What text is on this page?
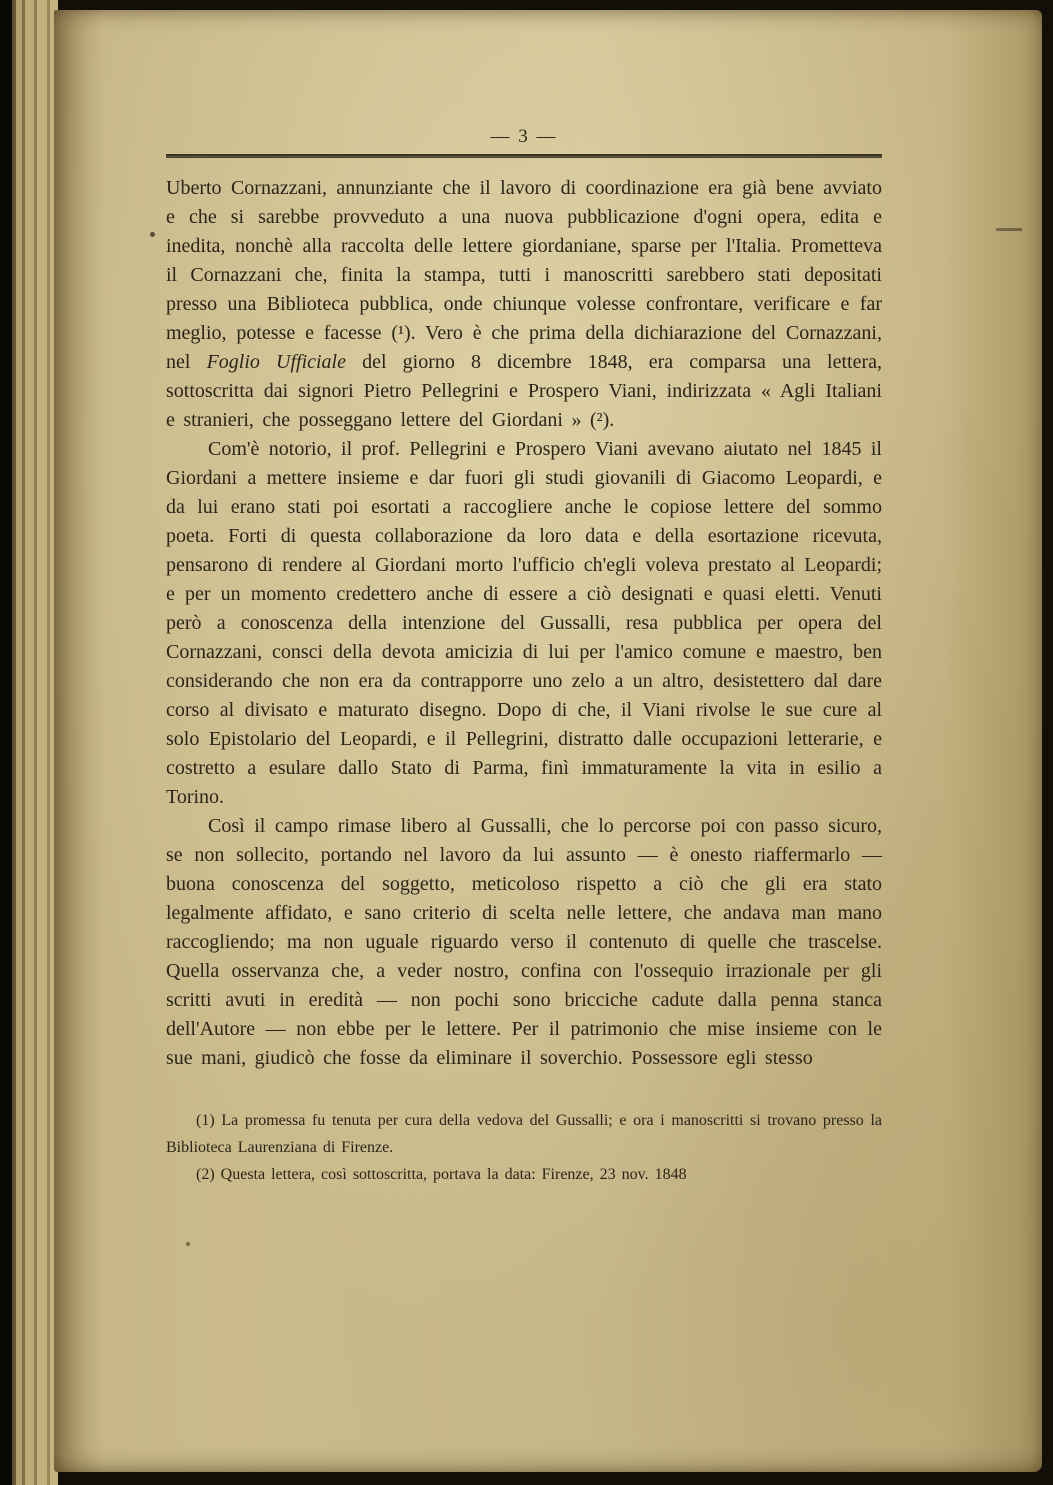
— 3 —

Uberto Cornazzani, annunziante che il lavoro di coordinazione era già bene avviato e che si sarebbe provveduto a una nuova pubblicazione d'ogni opera, edita e inedita, nonchè alla raccolta delle lettere giordaniane, sparse per l'Italia. Prometteva il Cornazzani che, finita la stampa, tutti i manoscritti sarebbero stati depositati presso una Biblioteca pubblica, onde chiunque volesse confrontare, verificare e far meglio, potesse e facesse (¹). Vero è che prima della dichiarazione del Cornazzani, nel Foglio Ufficiale del giorno 8 dicembre 1848, era comparsa una lettera, sottoscritta dai signori Pietro Pellegrini e Prospero Viani, indirizzata « Agli Italiani e stranieri, che posseggano lettere del Giordani » (²).

Com'è notorio, il prof. Pellegrini e Prospero Viani avevano aiutato nel 1845 il Giordani a mettere insieme e dar fuori gli studi giovanili di Giacomo Leopardi, e da lui erano stati poi esortati a raccogliere anche le copiose lettere del sommo poeta. Forti di questa collaborazione da loro data e della esortazione ricevuta, pensarono di rendere al Giordani morto l'ufficio ch'egli voleva prestato al Leopardi; e per un momento credettero anche di essere a ciò designati e quasi eletti. Venuti però a conoscenza della intenzione del Gussalli, resa pubblica per opera del Cornazzani, consci della devota amicizia di lui per l'amico comune e maestro, ben considerando che non era da contrapporre uno zelo a un altro, desistettero dal dare corso al divisato e maturato disegno. Dopo di che, il Viani rivolse le sue cure al solo Epistolario del Leopardi, e il Pellegrini, distratto dalle occupazioni letterarie, e costretto a esulare dallo Stato di Parma, finì immaturamente la vita in esilio a Torino.

Così il campo rimase libero al Gussalli, che lo percorse poi con passo sicuro, se non sollecito, portando nel lavoro da lui assunto — è onesto riaffermarlo — buona conoscenza del soggetto, meticoloso rispetto a ciò che gli era stato legalmente affidato, e sano criterio di scelta nelle lettere, che andava man mano raccogliendo; ma non uguale riguardo verso il contenuto di quelle che trascelse. Quella osservanza che, a veder nostro, confina con l'ossequio irrazionale per gli scritti avuti in eredità — non pochi sono bricciche cadute dalla penna stanca dell'Autore — non ebbe per le lettere. Per il patrimonio che mise insieme con le sue mani, giudicò che fosse da eliminare il soverchio. Possessore egli stesso

(1) La promessa fu tenuta per cura della vedova del Gussalli; e ora i manoscritti si trovano presso la Biblioteca Laurenziana di Firenze.

(2) Questa lettera, così sottoscritta, portava la data: Firenze, 23 nov. 1848
